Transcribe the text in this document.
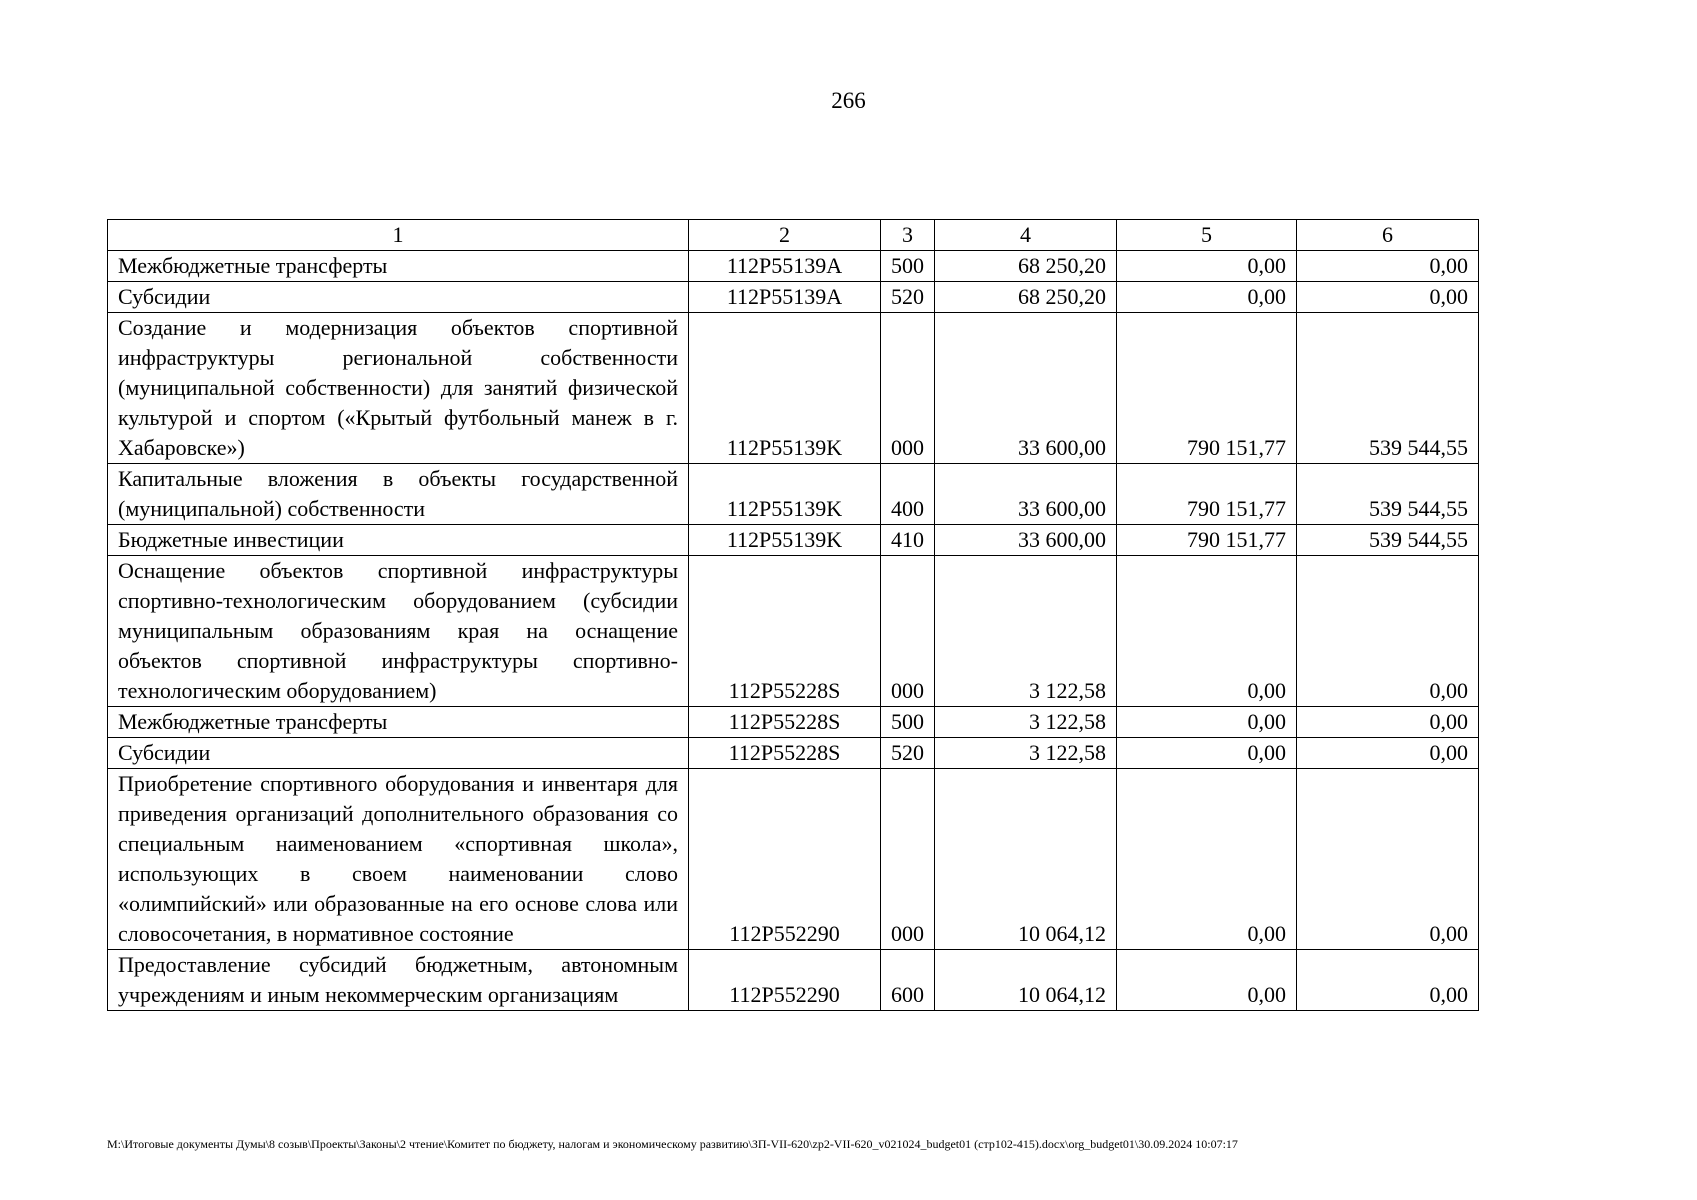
266
1	2	3	4	5	6
Межбюджетные трансферты	112P55139A	500	68 250,20	0,00	0,00
Субсидии	112P55139A	520	68 250,20	0,00	0,00
Создание и модернизация объектов спортивной инфраструктуры региональной собственности (муниципальной собственности) для занятий физической культурой и спортом («Крытый футбольный манеж в г. Хабаровске»)	112P55139K	000	33 600,00	790 151,77	539 544,55
Капитальные вложения в объекты государственной (муниципальной) собственности	112P55139K	400	33 600,00	790 151,77	539 544,55
Бюджетные инвестиции	112P55139K	410	33 600,00	790 151,77	539 544,55
Оснащение объектов спортивной инфраструктуры спортивно-технологическим оборудованием (субсидии муниципальным образованиям края на оснащение объектов спортивной инфраструктуры спортивно-технологическим оборудованием)	112P55228S	000	3 122,58	0,00	0,00
Межбюджетные трансферты	112P55228S	500	3 122,58	0,00	0,00
Субсидии	112P55228S	520	3 122,58	0,00	0,00
Приобретение спортивного оборудования и инвентаря для приведения организаций дополнительного образования со специальным наименованием «спортивная школа», использующих в своем наименовании слово «олимпийский» или образованные на его основе слова или словосочетания, в нормативное состояние	112P552290	000	10 064,12	0,00	0,00
Предоставление субсидий бюджетным, автономным учреждениям и иным некоммерческим организациям	112P552290	600	10 064,12	0,00	0,00
M:\Итоговые документы Думы\8 созыв\Проекты\Законы\2 чтение\Комитет по бюджету, налогам и экономическому развитию\ЗП-VII-620\zp2-VII-620_v021024_budget01 (стр102-415).docx\org_budget01\30.09.2024 10:07:17
